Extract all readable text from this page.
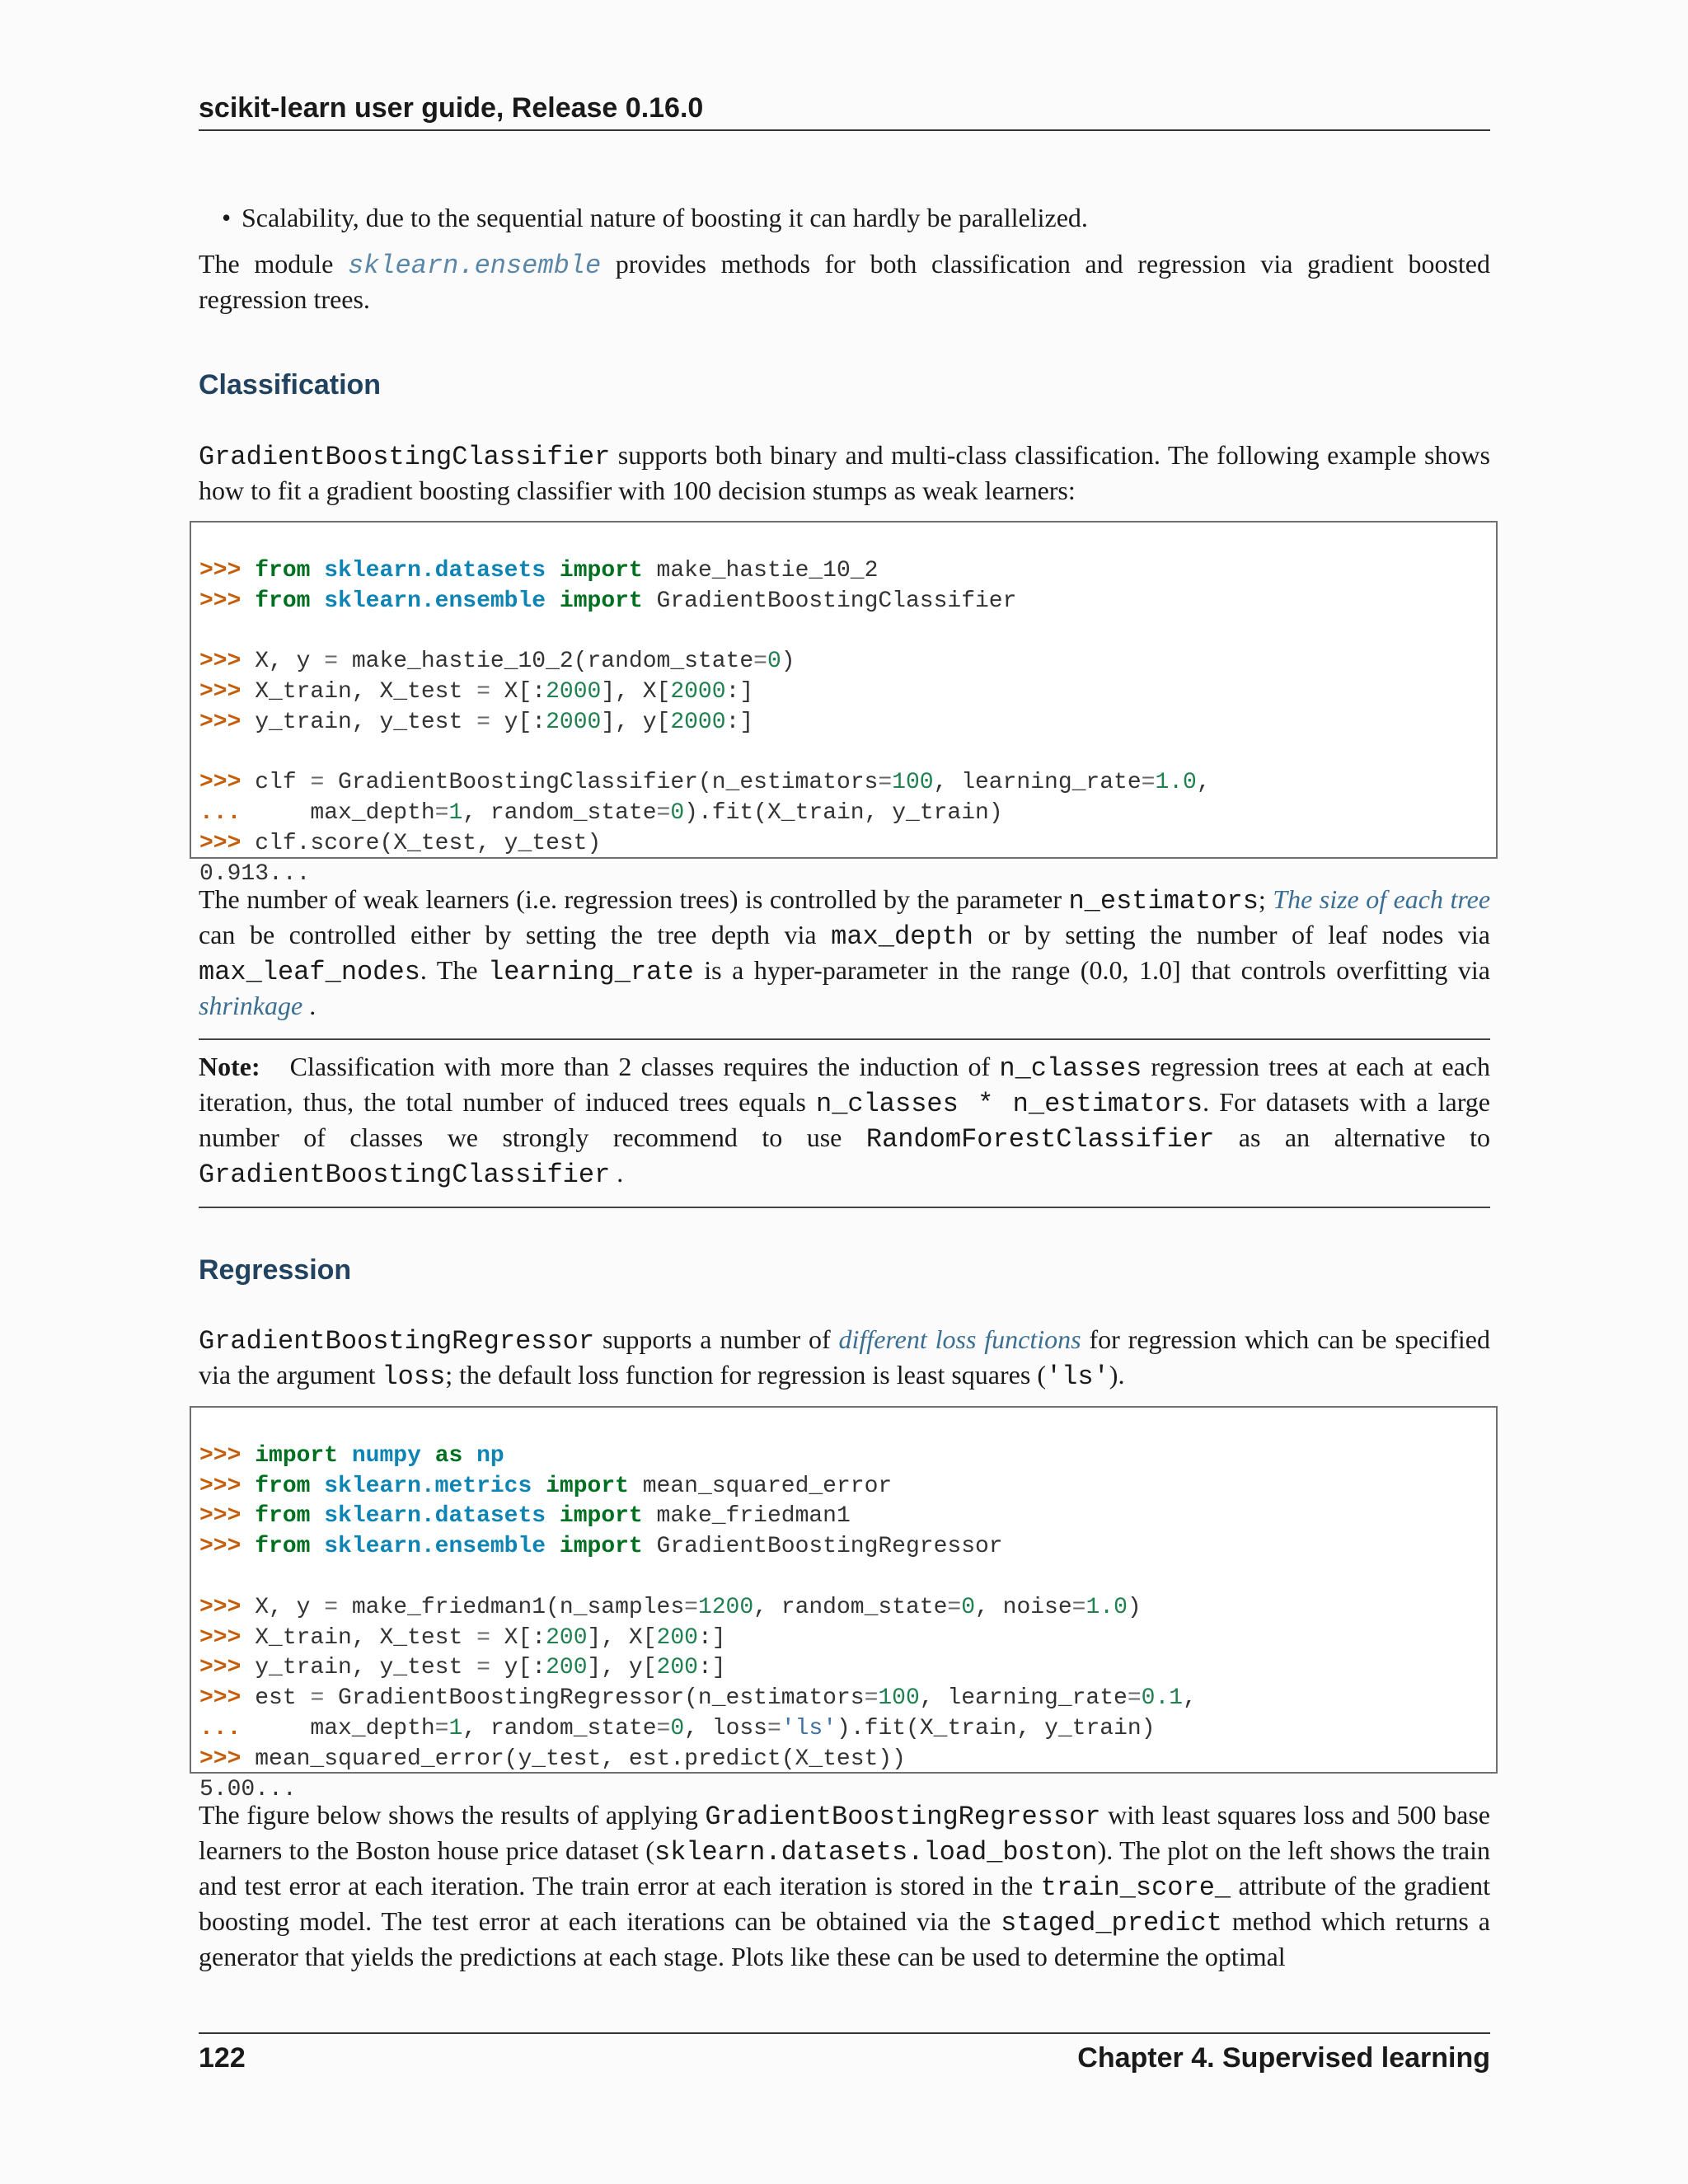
scikit-learn user guide, Release 0.16.0
• Scalability, due to the sequential nature of boosting it can hardly be parallelized.

The module sklearn.ensemble provides methods for both classification and regression via gradient boosted regression trees.

Classification

GradientBoostingClassifier supports both binary and multi-class classification. The following example shows how to fit a gradient boosting classifier with 100 decision stumps as weak learners:

>>> from sklearn.datasets import make_hastie_10_2
>>> from sklearn.ensemble import GradientBoostingClassifier

>>> X, y = make_hastie_10_2(random_state=0)
>>> X_train, X_test = X[:2000], X[2000:]
>>> y_train, y_test = y[:2000], y[2000:]

>>> clf = GradientBoostingClassifier(n_estimators=100, learning_rate=1.0,
...     max_depth=1, random_state=0).fit(X_train, y_train)
>>> clf.score(X_test, y_test)
0.913...

The number of weak learners (i.e. regression trees) is controlled by the parameter n_estimators; The size of each tree can be controlled either by setting the tree depth via max_depth or by setting the number of leaf nodes via max_leaf_nodes. The learning_rate is a hyper-parameter in the range (0.0, 1.0] that controls overfitting via shrinkage .

Note: Classification with more than 2 classes requires the induction of n_classes regression trees at each at each iteration, thus, the total number of induced trees equals n_classes * n_estimators. For datasets with a large number of classes we strongly recommend to use RandomForestClassifier as an alternative to GradientBoostingClassifier .
Regression

GradientBoostingRegressor supports a number of different loss functions for regression which can be specified via the argument loss; the default loss function for regression is least squares ('ls').

>>> import numpy as np
>>> from sklearn.metrics import mean_squared_error
>>> from sklearn.datasets import make_friedman1
>>> from sklearn.ensemble import GradientBoostingRegressor

>>> X, y = make_friedman1(n_samples=1200, random_state=0, noise=1.0)
>>> X_train, X_test = X[:200], X[200:]
>>> y_train, y_test = y[:200], y[200:]
>>> est = GradientBoostingRegressor(n_estimators=100, learning_rate=0.1,
...     max_depth=1, random_state=0, loss='ls').fit(X_train, y_train)
>>> mean_squared_error(y_test, est.predict(X_test))
5.00...

The figure below shows the results of applying GradientBoostingRegressor with least squares loss and 500 base learners to the Boston house price dataset (sklearn.datasets.load_boston). The plot on the left shows the train and test error at each iteration. The train error at each iteration is stored in the train_score_ attribute of the gradient boosting model. The test error at each iterations can be obtained via the staged_predict method which returns a generator that yields the predictions at each stage. Plots like these can be used to determine the optimal

122	Chapter 4. Supervised learning
